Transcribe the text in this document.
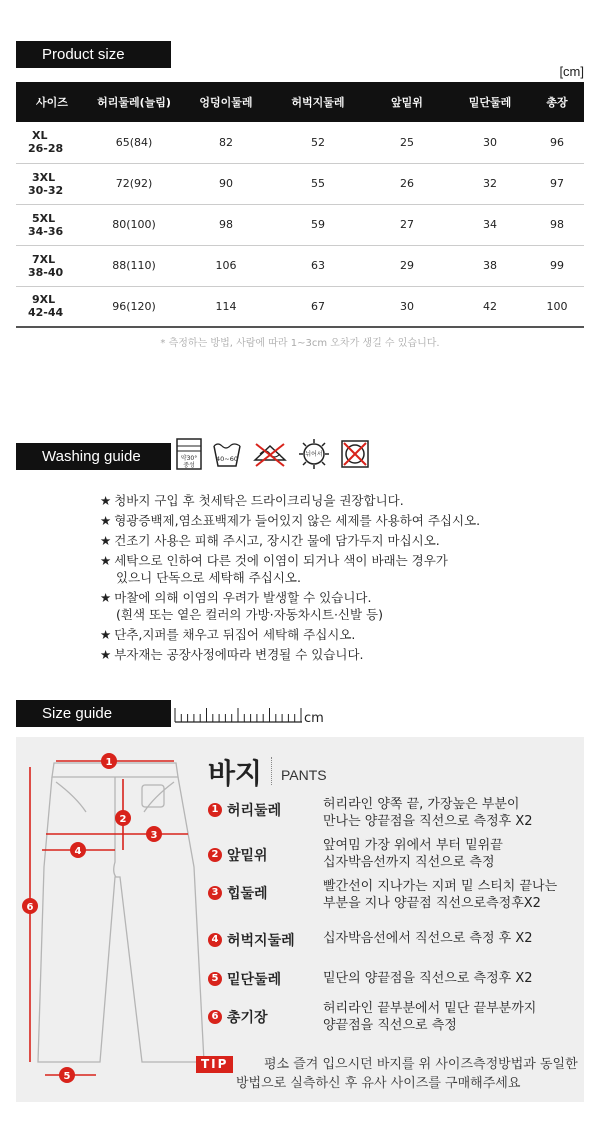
Product size
[cm]
사이즈	허리둘레(늘림)	엉덩이둘레	허벅지둘레	앞밑위	밑단둘레	총장

XL
26-28	65(84)	82	52	25	30	96

3XL
30-32	72(92)	90	55	26	32	97

5XL
34-36	80(100)	98	59	27	34	98

7XL
38-40	88(110)	106	63	29	38	99

9XL
42-44	96(120)	114	67	30	42	100
* 측정하는 방법, 사람에 따라 1~3cm 오차가 생길 수 있습니다.
Washing guide	약30°
중성
40~60
뉘어서
★ 청바지 구입 후 첫세탁은 드라이크리닝을 권장합니다.
★ 형광증백제,염소표백제가 들어있지 않은 세제를 사용하여 주십시오.
★ 건조기 사용은 피해 주시고, 장시간 물에 담가두지 마십시오.
★ 세탁으로 인하여 다른 것에 이염이 되거나 색이 바래는 경우가
있으니 단독으로 세탁해 주십시오.
★ 마찰에 의해 이염의 우려가 발생할 수 있습니다.
(흰색 또는 옅은 컬러의 가방·자동차시트·신발 등)
★ 단추,지퍼를 채우고 뒤집어 세탁해 주십시오.
★ 부자재는 공장사정에따라 변경될 수 있습니다.
Size guide	cm
1
2
3
4
6
5
바지 PANTS
1 허리둘레	허리라인 양쪽 끝, 가장높은 부분이
만나는 양끝점을 직선으로 측정후 X2
2 앞밑위
앞여밈 가장 위에서 부터 밑위끝
십자박음선까지 직선으로 측정
3 힙둘레	빨간선이 지나가는 지퍼 밑 스티치 끝나는
부분을 지나 양끝점 직선으로측정후X2
4 허벅지둘레 십자박음선에서 직선으로 측정 후 X2
5 밑단둘레	밑단의 양끝점을 직선으로 측정후 X2
6 총기장
허리라인 끝부분에서 밑단 끝부분까지
양끝점을 직선으로 측정
TIP	평소 즐겨 입으시던 바지를 위 사이즈측정방법과 동일한
방법으로 실측하신 후 유사 사이즈를 구매해주세요
